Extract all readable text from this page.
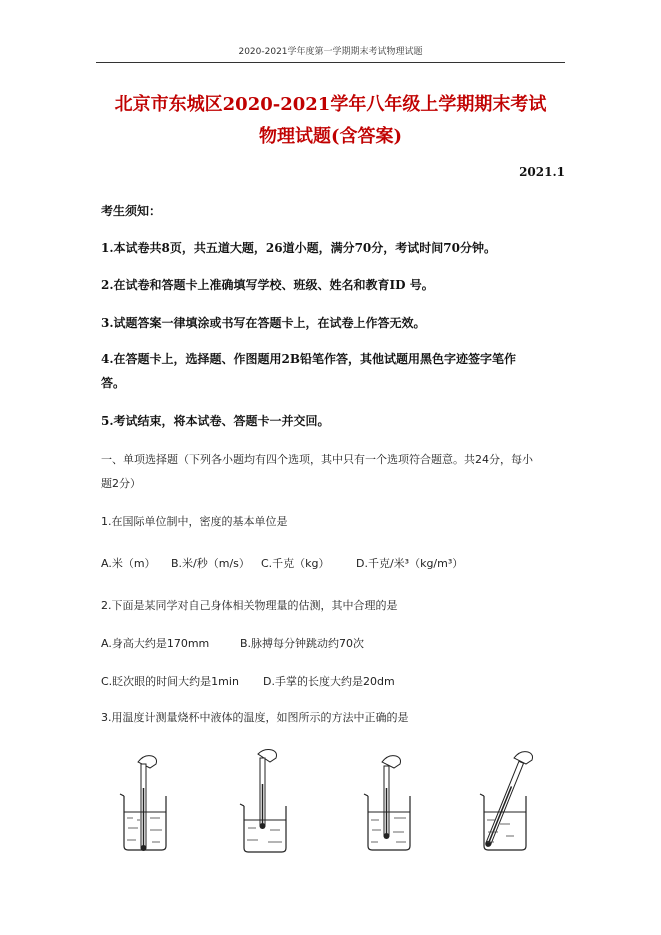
2020-2021学年度第一学期期末考试物理试题
北京市东城区2020-2021学年八年级上学期期末考试
物理试题(含答案)
2021.1
考生须知：
1.本试卷共8页，共五道大题，26道小题，满分70分，考试时间70分钟。
2.在试卷和答题卡上准确填写学校、班级、姓名和教育ID 号。
3.试题答案一律填涂或书写在答题卡上，在试卷上作答无效。
4.在答题卡上，选择题、作图题用2B铅笔作答，其他试题用黑色字迹签字笔作
答。
5.考试结束，将本试卷、答题卡一并交回。
一、单项选择题（下列各小题均有四个选项，其中只有一个选项符合题意。共24分，每小
题2分）
1.在国际单位制中，密度的基本单位是
A.米（m） B.米/秒（m/s） C.千克（kg） D.千克/米³（kg/m³）
2.下面是某同学对自己身体相关物理量的估测，其中合理的是
A.身高大约是170mm	B.脉搏每分钟跳动约70次
C.眨次眼的时间大约是1min D.手掌的长度大约是20dm
3.用温度计测量烧杯中液体的温度，如图所示的方法中正确的是
